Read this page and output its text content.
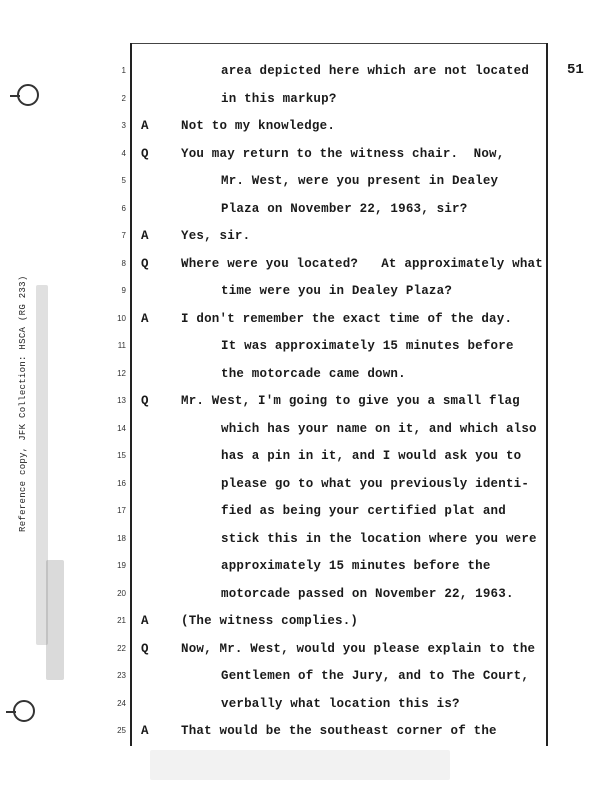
Reference copy, JFK Collection: HSCA (RG 233)
51
1	area depicted here which are not located
2	in this markup?
3 A	Not to my knowledge.
4 Q	You may return to the witness chair.  Now,
5	Mr. West, were you present in Dealey
6	Plaza on November 22, 1963, sir?
7 A	Yes, sir.
8 Q	Where were you located?   At approximately what
9	time were you in Dealey Plaza?
10 A	I don't remember the exact time of the day.
11	It was approximately 15 minutes before
12	the motorcade came down.
13 Q	Mr. West, I'm going to give you a small flag
14	which has your name on it, and which also
15	has a pin in it, and I would ask you to
16	please go to what you previously identi-
17	fied as being your certified plat and
18	stick this in the location where you were
19	approximately 15 minutes before the
20	motorcade passed on November 22, 1963.
21 A	(The witness complies.)
22 Q	Now, Mr. West, would you please explain to the
23	Gentlemen of the Jury, and to The Court,
24	verbally what location this is?
25 A	That would be the southeast corner of the
